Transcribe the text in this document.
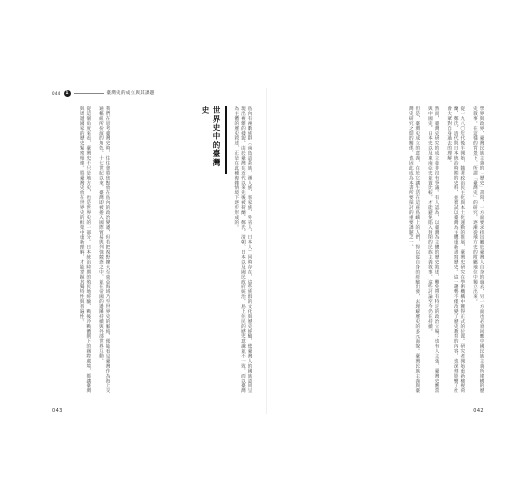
044	1	臺灣史的成立與其課題

我們在思考臺灣史時，往往會將焦點放在島內的政治變遷，但若把視野擴大至東亞海域乃至世界史的脈絡，便能看見臺灣作為海上交通樞紐所扮演的角色。十七世紀以來，臺灣即被捲入國際貿易與列強競逐之中，並在帝國的邊陲持續與外部世界互動。

從這個角度來看，臺灣史不只是地方史，也是世界史的一部分。日本統治時期的殖民地經驗、戰後冷戰體制下的國際處境，都讓臺灣與周邊國家的歷史緊密相連。將臺灣史放在世界史的框架中重新理解，才能掌握其獨特性與普遍性。	世界史中的臺灣史	島內有複數族群（南島語系族、漢人族、客家族、外省人、日本人）同時存在，這些族群的文化與歷史經驗，使臺灣人的國族認同呈現出複雜的樣貌。由於臺灣在近代以來先後被荷蘭、鄭氏、清朝、日本以及國民政府統治，島上住民的歷史意識並不一致，而以臺灣為主體的歷史敘述，正是在此種複雜情境下逐步形成的。

043

學界與政界，臺灣民族主義的「歷史」書寫，一方面要求找出屬於臺灣人自身的過去，另一方面也必須回應中國民族主義所建構的歷史敘事。在這樣的背景下，所謂「臺灣史」的研究，逐漸從地方史的附屬地位中獨立出來。

從一九八〇年代後半開始，隨著政治民主化與本土化運動的推展，臺灣史研究在學術機構中獲得正式的位置。研究者開始重新檢視荷蘭、鄭氏、清代與日本統治時期的史料，並嘗試以臺灣為主體重新書寫歷史。這一趨勢不僅改變了歷史教育的內容，也深刻影響了社會大眾對自身過去的理解。

然而，臺灣史研究的成立並非沒有爭議。有人認為，以臺灣為主體的歷史敘述，難免帶有特定的政治立場；也有人主張，臺灣史應當與中國史、日本史以及東南亞史並置比較，才能避免陷入封閉的民族主義敘事。這些討論至今仍在持續。

但是，臺灣史成立的意義，在於它讓生活在這座島嶼上的人們，得以從自身的經驗出發，去理解歷史的多元面貌。臺灣民族主義與臺灣史研究之間的關係，也因此成為本書所要探討的重要課題之一。

042
